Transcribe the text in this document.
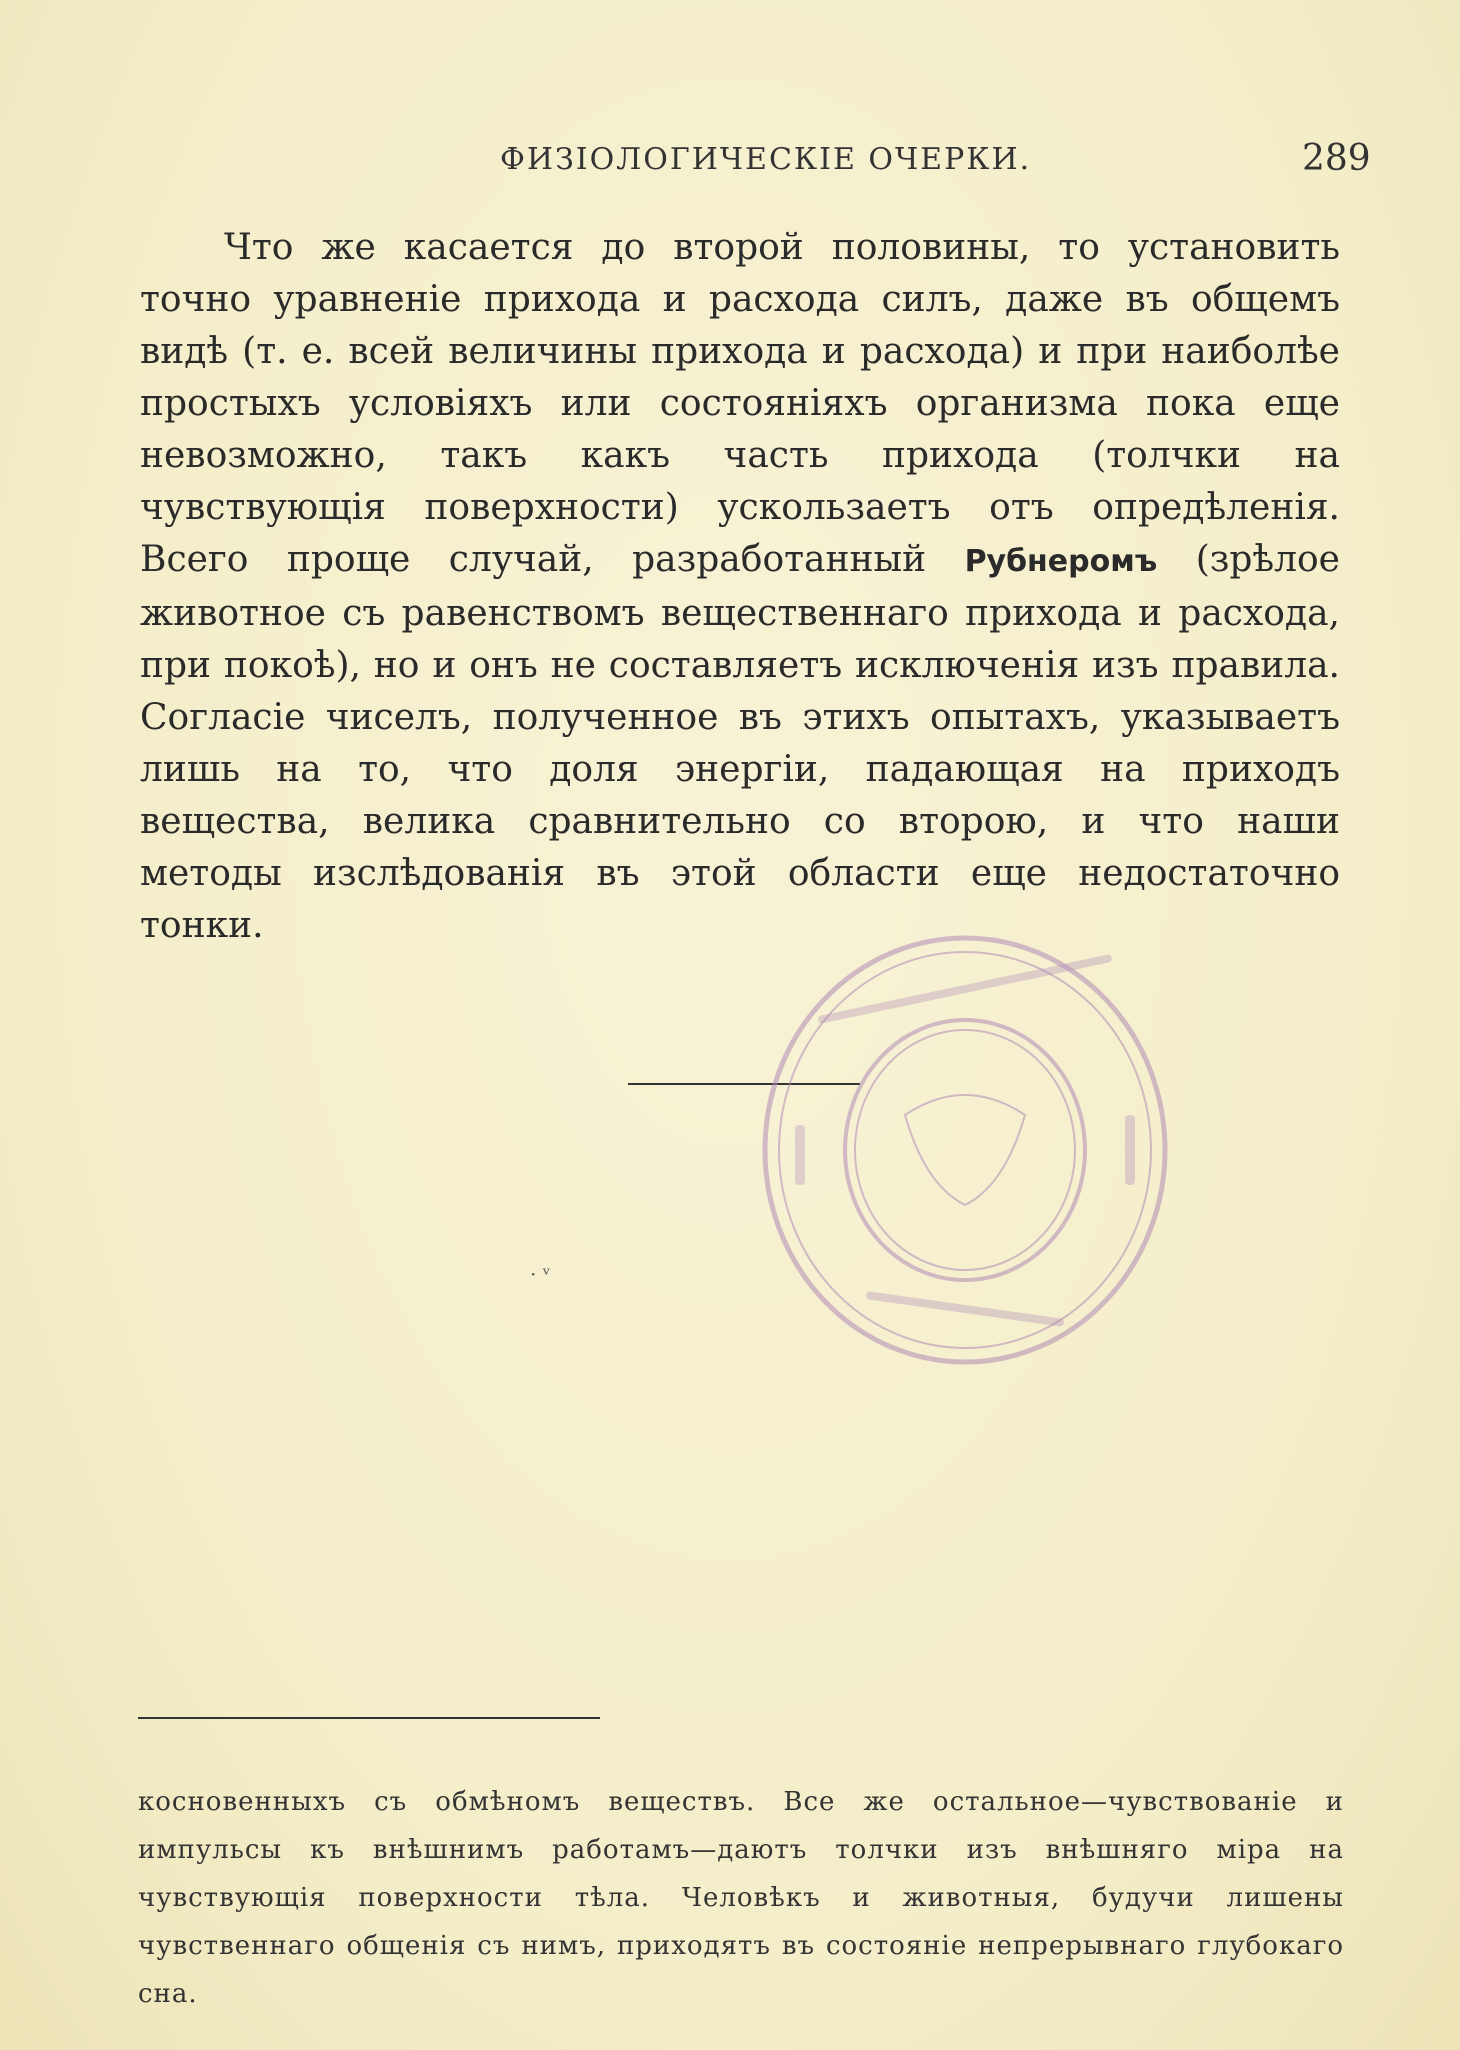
ФИЗІОЛОГИЧЕСКІЕ ОЧЕРКИ.	289

Что же касается до второй половины, то установить точно уравненіе прихода и расхода силъ, даже въ общемъ видѣ (т. е. всей величины прихода и расхода) и при наиболѣе простыхъ условіяхъ или состояніяхъ организма пока еще невозможно, такъ какъ часть прихода (толчки на чувствующія поверхности) ускользаетъ отъ опредѣленія. Всего проще случай, разработанный Рубнеромъ (зрѣлое животное съ равенствомъ вещественнаго прихода и расхода, при покоѣ), но и онъ не составляетъ исключенія изъ правила. Согласіе чиселъ, полученное въ этихъ опытахъ, указываетъ лишь на то, что доля энергіи, падающая на приходъ вещества, велика сравнительно со второю, и что наши методы изслѣдованія въ этой области еще недостаточно тонки.

· ᵛ

косновенныхъ съ обмѣномъ веществъ. Все же остальное—чувствованіе и импульсы къ внѣшнимъ работамъ—даютъ толчки изъ внѣшняго міра на чувствующія поверхности тѣла. Человѣкъ и животныя, будучи лишены чувственнаго общенія съ нимъ, приходятъ въ состояніе непрерывнаго глубокаго сна.
